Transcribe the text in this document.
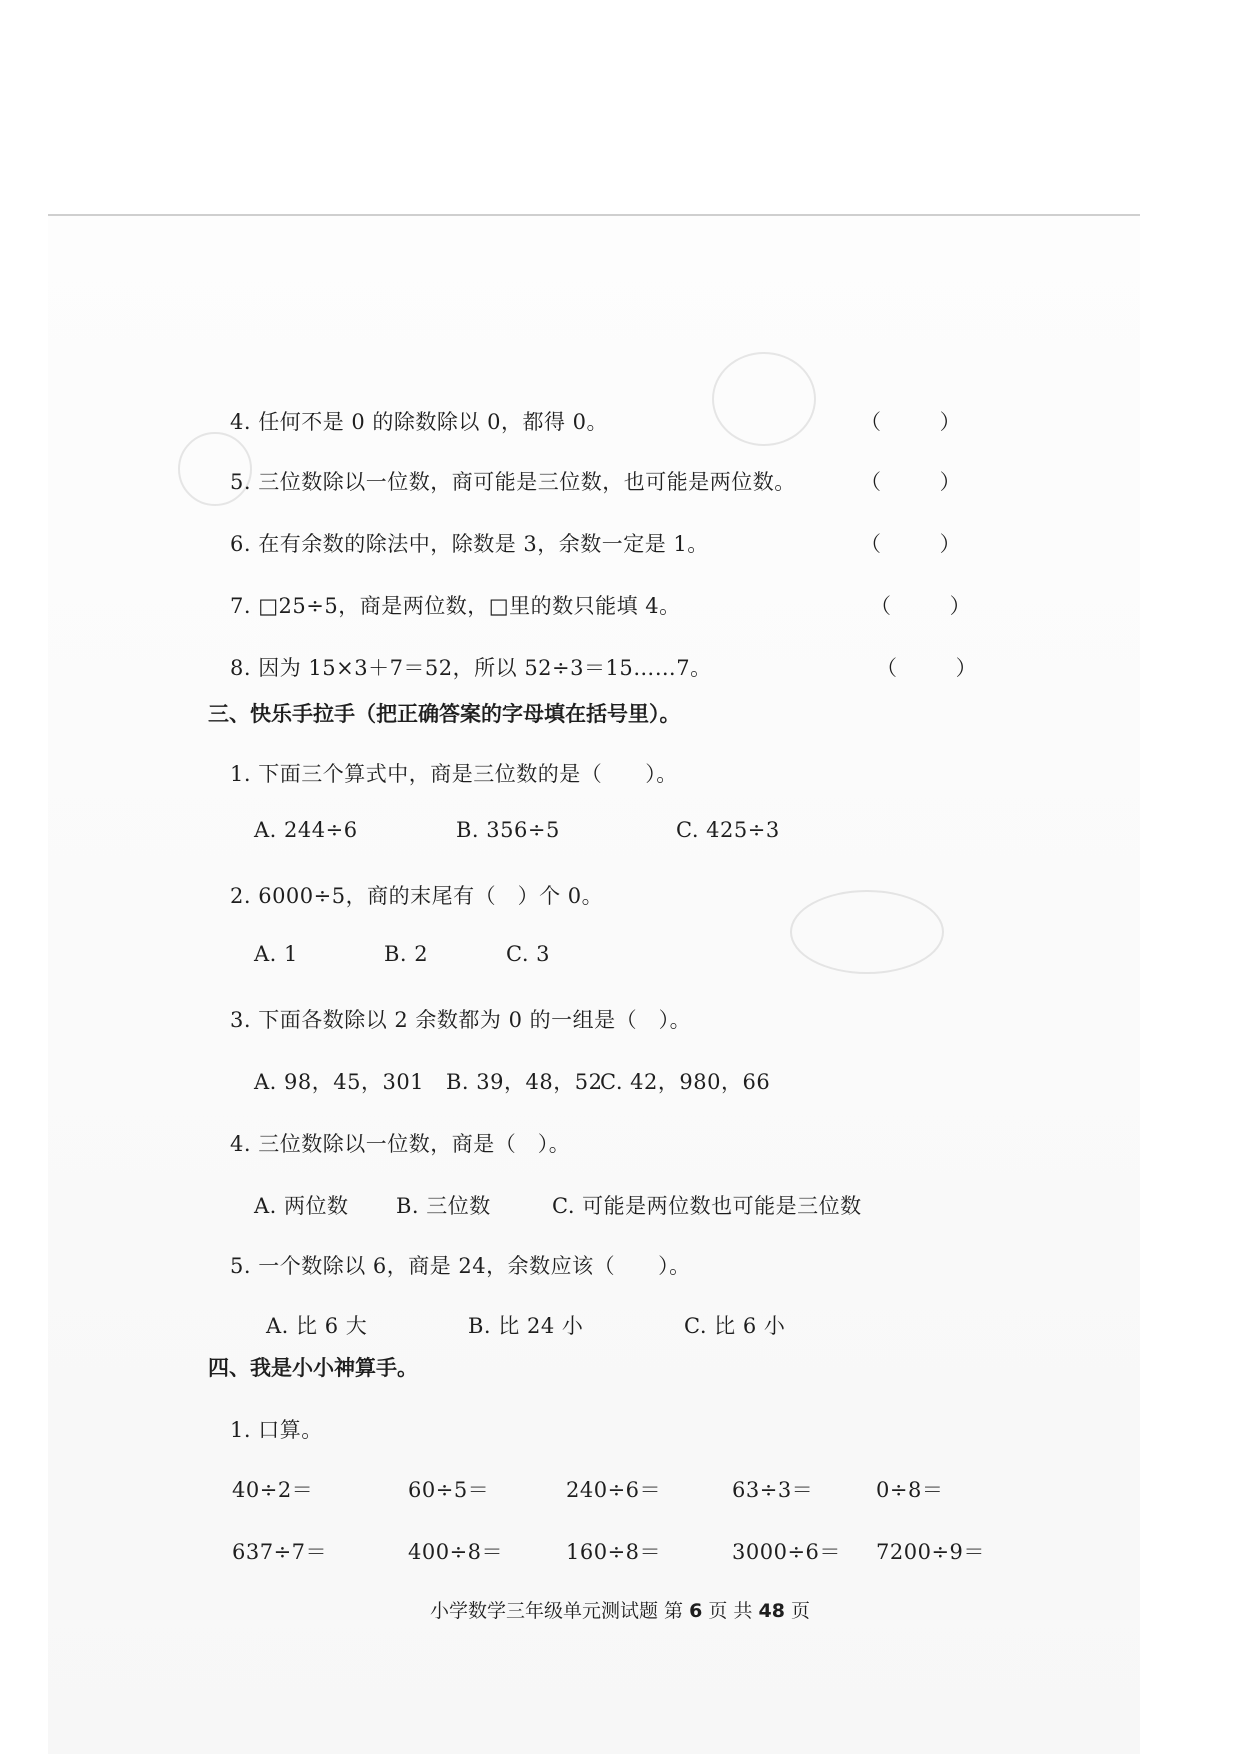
4. 任何不是 0 的除数除以 0，都得 0。	（ ）
5. 三位数除以一位数，商可能是三位数，也可能是两位数。	（ ）
6. 在有余数的除法中，除数是 3，余数一定是 1。	（ ）
7. □25÷5，商是两位数，□里的数只能填 4。	（ ）
8. 因为 15×3＋7＝52，所以 52÷3＝15……7。	（ ）
三、快乐手拉手（把正确答案的字母填在括号里）。
1. 下面三个算式中，商是三位数的是（　　）。
A. 244÷6	B. 356÷5	C. 425÷3
2. 6000÷5，商的末尾有（　）个 0。
A. 1	B. 2	C. 3
3. 下面各数除以 2 余数都为 0 的一组是（　）。
A. 98，45，301 B. 39，48，52
C. 42，980，66
4. 三位数除以一位数，商是（　）。
A. 两位数 B. 三位数	C. 可能是两位数也可能是三位数
5. 一个数除以 6，商是 24，余数应该（　　）。
A. 比 6 大	B. 比 24 小	C. 比 6 小
四、我是小小神算手。
1. 口算。
40÷2＝	60÷5＝	240÷6＝	63÷3＝	0÷8＝
637÷7＝	400÷8＝	160÷8＝	3000÷6＝ 7200÷9＝
小学数学三年级单元测试题 第 6 页 共 48 页
